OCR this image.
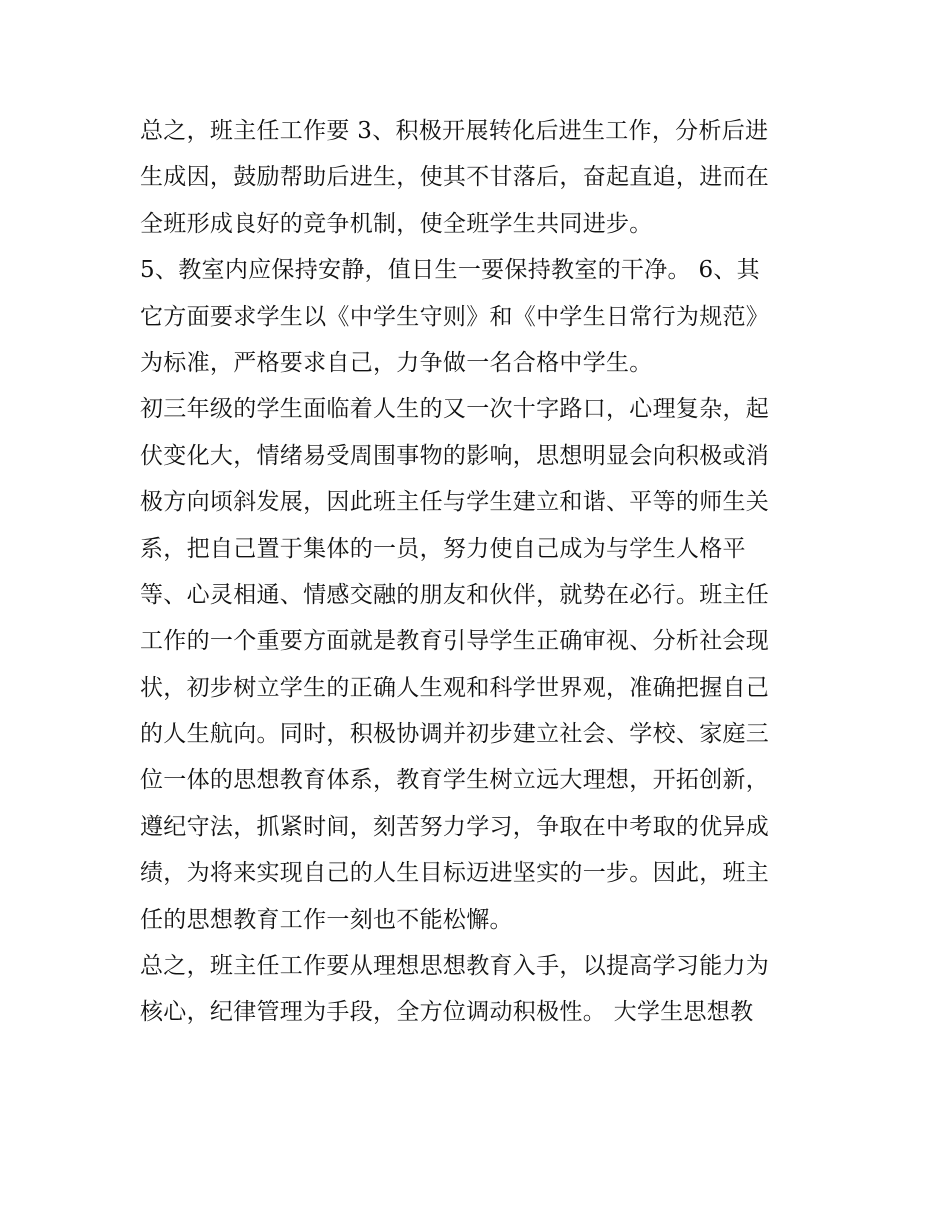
总之，班主任工作要 3、积极开展转化后进生工作，分析后进
生成因，鼓励帮助后进生，使其不甘落后，奋起直追，进而在
全班形成良好的竞争机制，使全班学生共同进步。
5、教室内应保持安静，值日生一要保持教室的干净。 6、其
它方面要求学生以《中学生守则》和《中学生日常行为规范》
为标准，严格要求自己，力争做一名合格中学生。
初三年级的学生面临着人生的又一次十字路口，心理复杂，起
伏变化大，情绪易受周围事物的影响，思想明显会向积极或消
极方向顷斜发展，因此班主任与学生建立和谐、平等的师生关
系，把自己置于集体的一员，努力使自己成为与学生人格平
等、心灵相通、情感交融的朋友和伙伴，就势在必行。班主任
工作的一个重要方面就是教育引导学生正确审视、分析社会现
状，初步树立学生的正确人生观和科学世界观，准确把握自己
的人生航向。同时，积极协调并初步建立社会、学校、家庭三
位一体的思想教育体系，教育学生树立远大理想，开拓创新，
遵纪守法，抓紧时间，刻苦努力学习，争取在中考取的优异成
绩，为将来实现自己的人生目标迈进坚实的一步。因此，班主
任的思想教育工作一刻也不能松懈。
总之，班主任工作要从理想思想教育入手，以提高学习能力为
核心，纪律管理为手段，全方位调动积极性。 大学生思想教
